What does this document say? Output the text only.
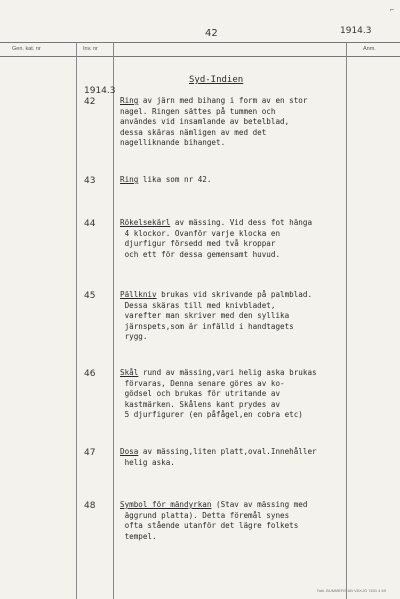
⌐
42	1914.3
Gen. kat. nr	Inv. nr	Anm.
Syd-Indien
1914.3
42	Ring av järn med bihang i form av en stor
nagel. Ringen sättes på tummen och
användes vid insamlande av betelblad,
dessa skäras nämligen av med det
nagelliknande bihanget.
43	Ring lika som nr 42.
44	Rökelsekärl av mässing. Vid dess fot hänga
4 klockor. Ovanför varje klocka en
djurfigur försedd med två kroppar
och ett för dessa gemensamt huvud.
45	Pällkniv brukas vid skrivande på palmblad.
Dessa skäras till med knivbladet,
varefter man skriver med den syllika
järnspets,som är infälld i handtagets
rygg.
46	Skål rund av mässing,vari helig aska brukas
förvaras, Denna senare göres av ko-
gödsel och brukas för utritande av
kastmärken. Skålens kant prydes av
5 djurfigurer (en påfågel,en cobra etc)
47	Dosa av mässing,liten platt,oval.Innehåller
helig aska.
48	Symbol för mändyrkan (Stav av mässing med
äggrund platta). Detta föremål synes
ofta stående utanför det lägre folkets
tempel.
Tabl. BUMMERS AB VÄXJÖ 7451 4 69
